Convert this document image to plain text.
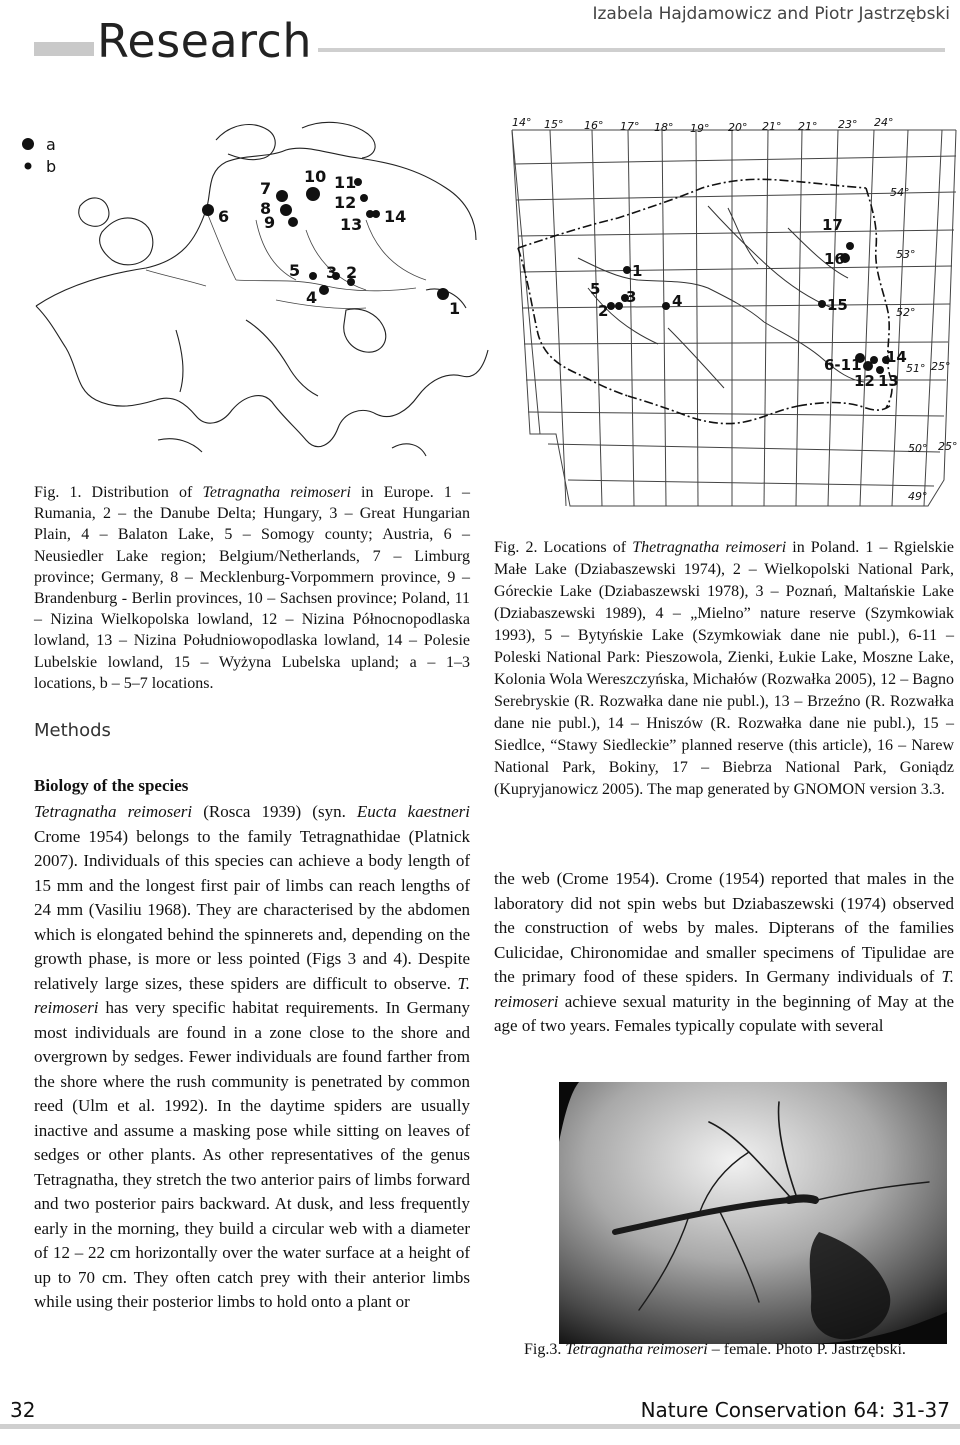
Izabela Hajdamowicz and Piotr Jastrzębski
Research
a
b
1
2
3
4
5
6
7
8
9
10 11
12
13 14
14° 15° 16° 17° 18° 19° 20° 21° 21° 23° 24°
54°
53°
52°
51° 25°
50° 25°
49°
1
2
3 4
5
6-11
12 13
14
15
16
17
Fig. 1. Distribution of Tetragnatha reimoseri in Europe. 1 – Rumania, 2 – the Danube Delta; Hungary, 3 – Great Hungarian Plain, 4 – Balaton Lake, 5 – Somogy county; Austria, 6 – Neusiedler Lake region; Belgium/Netherlands, 7 – Limburg province; Germany, 8 – Mecklenburg-Vorpommern province, 9 – Brandenburg - Berlin provinces, 10 – Sachsen province; Poland, 11 – Nizina Wielkopolska lowland, 12 – Nizina Północnopodlaska lowland, 13 – Nizina Południowopodlaska lowland, 14 – Polesie Lubelskie lowland, 15 – Wyżyna Lubelska upland; a – 1–3 locations, b – 5–7 locations.
Fig. 2. Locations of Thetragnatha reimoseri in Poland. 1 – Rgielskie Małe Lake (Dziabaszewski 1974), 2 – Wielkopolski National Park, Góreckie Lake (Dziabaszewski 1978), 3 – Poznań, Maltańskie Lake (Dziabaszewski 1989), 4 – „Mielno” nature reserve (Szymkowiak 1993), 5 – Bytyńskie Lake (Szymkowiak dane nie publ.), 6-11 – Poleski National Park: Pieszowola, Zienki, Łukie Lake, Moszne Lake, Kolonia Wola Wereszczyńska, Michałów (Rozwałka 2005), 12 – Bagno Serebryskie (R. Rozwałka dane nie publ.), 13 – Brzeźno (R. Rozwałka dane nie publ.), 14 – Hniszów (R. Rozwałka dane nie publ.), 15 – Siedlce, “Stawy Siedleckie” planned reserve (this article), 16 – Narew National Park, Bokiny, 17 – Biebrza National Park, Goniądz (Kupryjanowicz 2005). The map generated by GNOMON version 3.3.
Methods
Biology of the species
Tetragnatha reimoseri (Rosca 1939) (syn. Eucta kaestneri Crome 1954) belongs to the family Tetragnathidae (Platnick 2007). Individuals of this species can achieve a body length of 15 mm and the longest first pair of limbs can reach lengths of 24 mm (Vasiliu 1968). They are characterised by the abdomen which is elongated behind the spinnerets and, depending on the growth phase, is more or less pointed (Figs 3 and 4). Despite relatively large sizes, these spiders are difficult to observe. T. reimoseri has very specific habitat requirements. In Germany most individuals are found in a zone close to the shore and overgrown by sedges. Fewer individuals are found farther from the shore where the rush community is penetrated by common reed (Ulm et al. 1992). In the daytime spiders are usually inactive and assume a masking pose while sitting on leaves of sedges or other plants. As other representatives of the genus Tetragnatha, they stretch the two anterior pairs of limbs forward and two posterior pairs backward. At dusk, and less frequently early in the morning, they build a circular web with a diameter of 12 – 22 cm horizontally over the water surface at a height of up to 70 cm. They often catch prey with their anterior limbs while using their posterior limbs to hold onto a plant or
the web (Crome 1954). Crome (1954) reported that males in the laboratory did not spin webs but Dziabaszewski (1974) observed the construction of webs by males. Dipterans of the families Culicidae, Chironomidae and smaller specimens of Tipulidae are the primary food of these spiders. In Germany individuals of T. reimoseri achieve sexual maturity in the beginning of May at the age of two years. Females typically copulate with several
Fig.3. Tetragnatha reimoseri – female. Photo P. Jastrzębski.
32	Nature Conservation 64: 31-37
